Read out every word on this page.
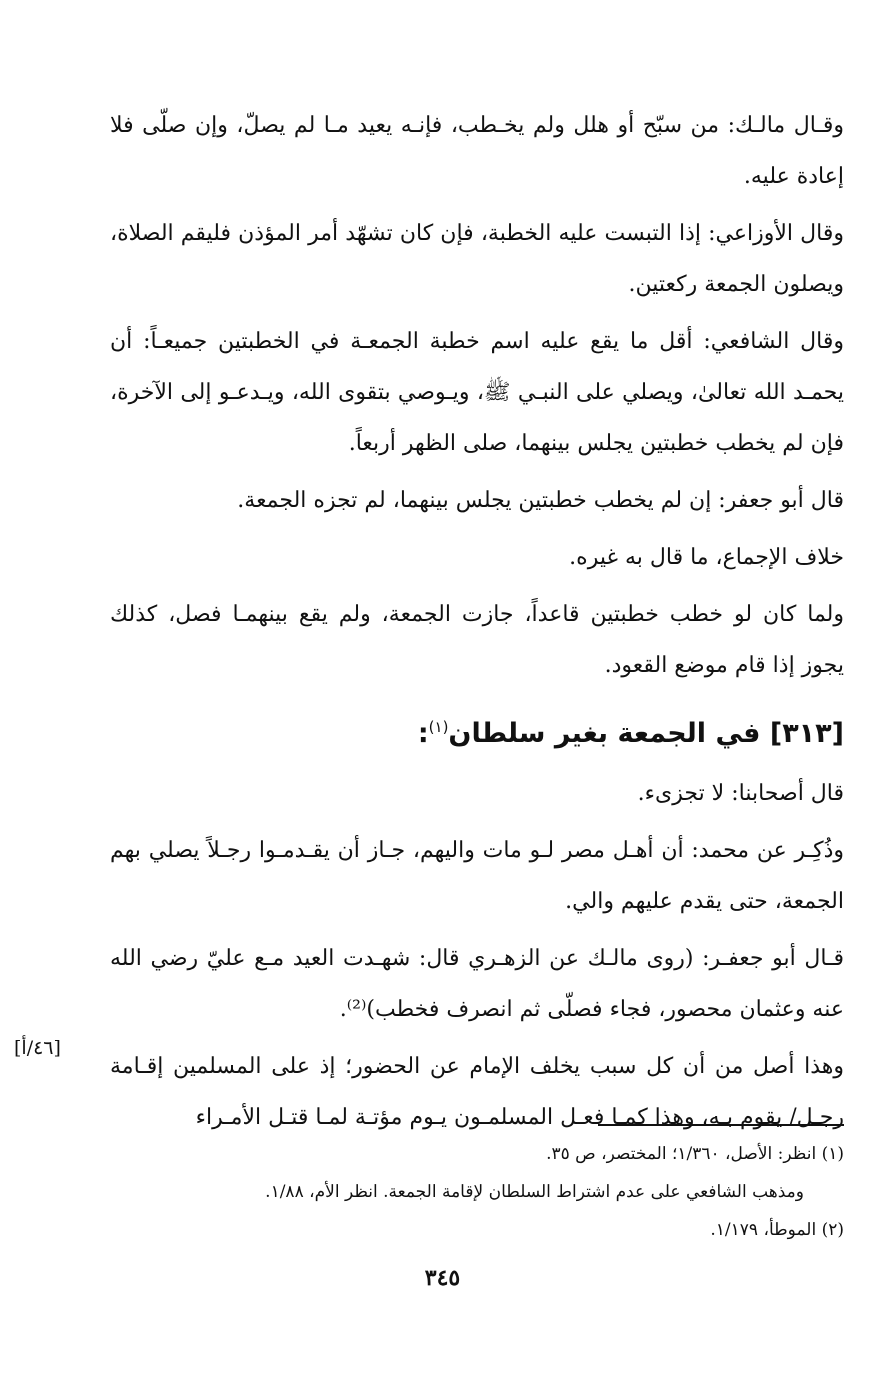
وقـال مالـك: من سبّح أو هلل ولم يخـطب، فإنـه يعيد مـا لم يصلّ، وإن صلّى فلا إعادة عليه.

وقال الأوزاعي: إذا التبست عليه الخطبة، فإن كان تشهّد أمر المؤذن فليقم الصلاة، ويصلون الجمعة ركعتين.

وقال الشافعي: أقل ما يقع عليه اسم خطبة الجمعـة في الخطبتين جميعـاً: أن يحمـد الله تعالىٰ، ويصلي على النبـي ﷺ، ويـوصي بتقوى الله، ويـدعـو إلى الآخرة، فإن لم يخطب خطبتين يجلس بينهما، صلى الظهر أربعاً.

قال أبو جعفر: إن لم يخطب خطبتين يجلس بينهما، لم تجزه الجمعة.

خلاف الإجماع، ما قال به غيره.

ولما كان لو خطب خطبتين قاعداً، جازت الجمعة، ولم يقع بينهمـا فصل، كذلك يجوز إذا قام موضع القعود.

[٣١٣] في الجمعة بغير سلطان$^{(١)}$:

قال أصحابنا: لا تجزىء.

وذُكِـر عن محمد: أن أهـل مصر لـو مات واليهم، جـاز أن يقـدمـوا رجـلاً يصلي بهم الجمعة، حتى يقدم عليهم والي.

قـال أبو جعفـر: (روى مالـك عن الزهـري قال: شهـدت العيد مـع عليّ رضي الله عنه وعثمان محصور، فجاء فصلّى ثم انصرف فخطب)⁽²⁾.

وهذا أصل من أن كل سبب يخلف الإمام عن الحضور؛ إذ على المسلمين إقـامة رجـل/ يقوم بـه، وهذا كمـا فعـل المسلمـون يـوم مؤتـة لمـا قتـل الأمـراء

[٤٦/أ]

(١) انظر: الأصل، ١/٣٦٠؛ المختصر، ص ٣٥.

ومذهب الشافعي على عدم اشتراط السلطان لإقامة الجمعة. انظر الأم، ١/٨٨.

(٢) الموطأ، ١/١٧٩.

٣٤٥
